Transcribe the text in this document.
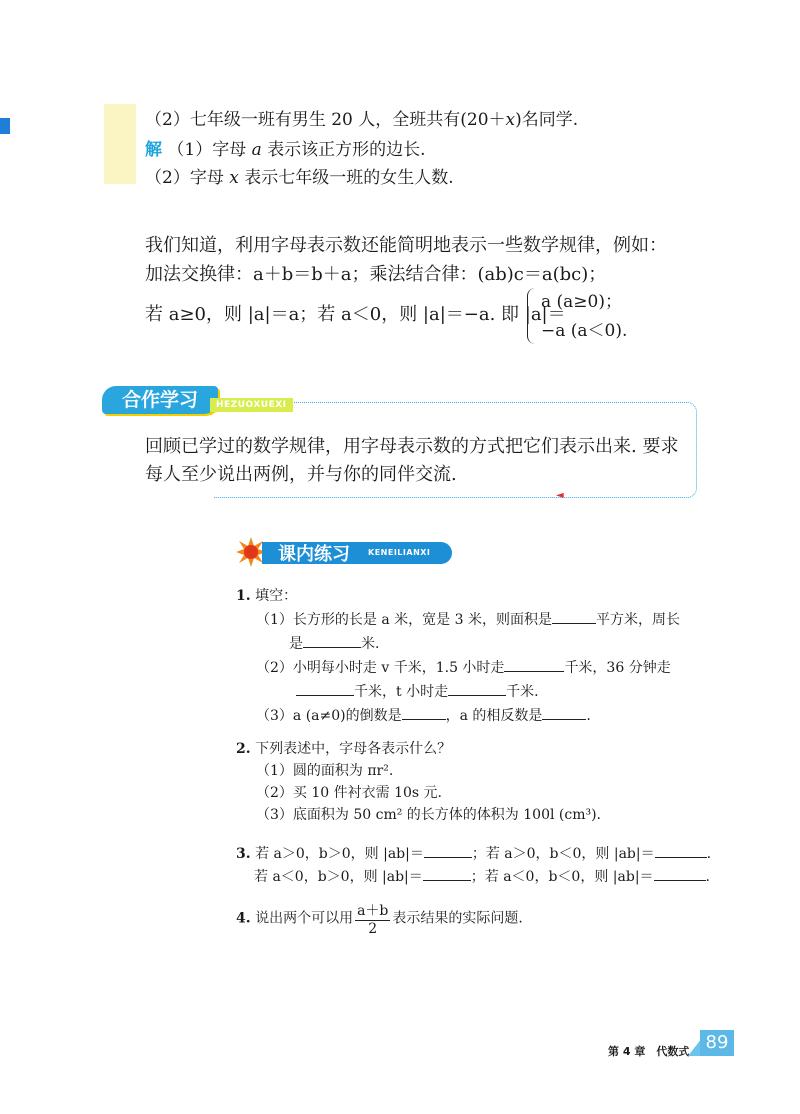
（2）七年级一班有男生 20 人，全班共有(20＋x)名同学.
解 （1）字母 a 表示该正方形的边长.
（2）字母 x 表示七年级一班的女生人数.
我们知道，利用字母表示数还能简明地表示一些数学规律，例如：
加法交换律：a＋b＝b＋a；乘法结合律：(ab)c＝a(bc)；
若 a≥0，则 |a|＝a；若 a＜0，则 |a|＝−a. 即 |a|＝
a (a≥0)；
−a (a＜0).
合作学习	HEZUOXUEXI
◄
回顾已学过的数学规律，用字母表示数的方式把它们表示出来. 要求
每人至少说出两例，并与你的同伴交流.
课内练习 KENEILIANXI
1. 填空：
（1）长方形的长是 a 米，宽是 3 米，则面积是	平方米，周长
是	米.
（2）小明每小时走 v 千米，1.5 小时走	千米，36 分钟走
千米，t 小时走	千米.
（3）a (a≠0)的倒数是	，a 的相反数是	.
2. 下列表述中，字母各表示什么？
（1）圆的面积为 πr².
（2）买 10 件衬衣需 10s 元.
（3）底面积为 50 cm² 的长方体的体积为 100l (cm³).
3. 若 a＞0，b＞0，则 |ab|＝	；若 a＞0，b＜0，则 |ab|＝	.
若 a＜0，b＞0，则 |ab|＝	；若 a＜0，b＜0，则 |ab|＝	.
4. 说出两个可以用 $\frac{a+b}{2}$ 表示结果的实际问题.
第 4 章　代数式 89
